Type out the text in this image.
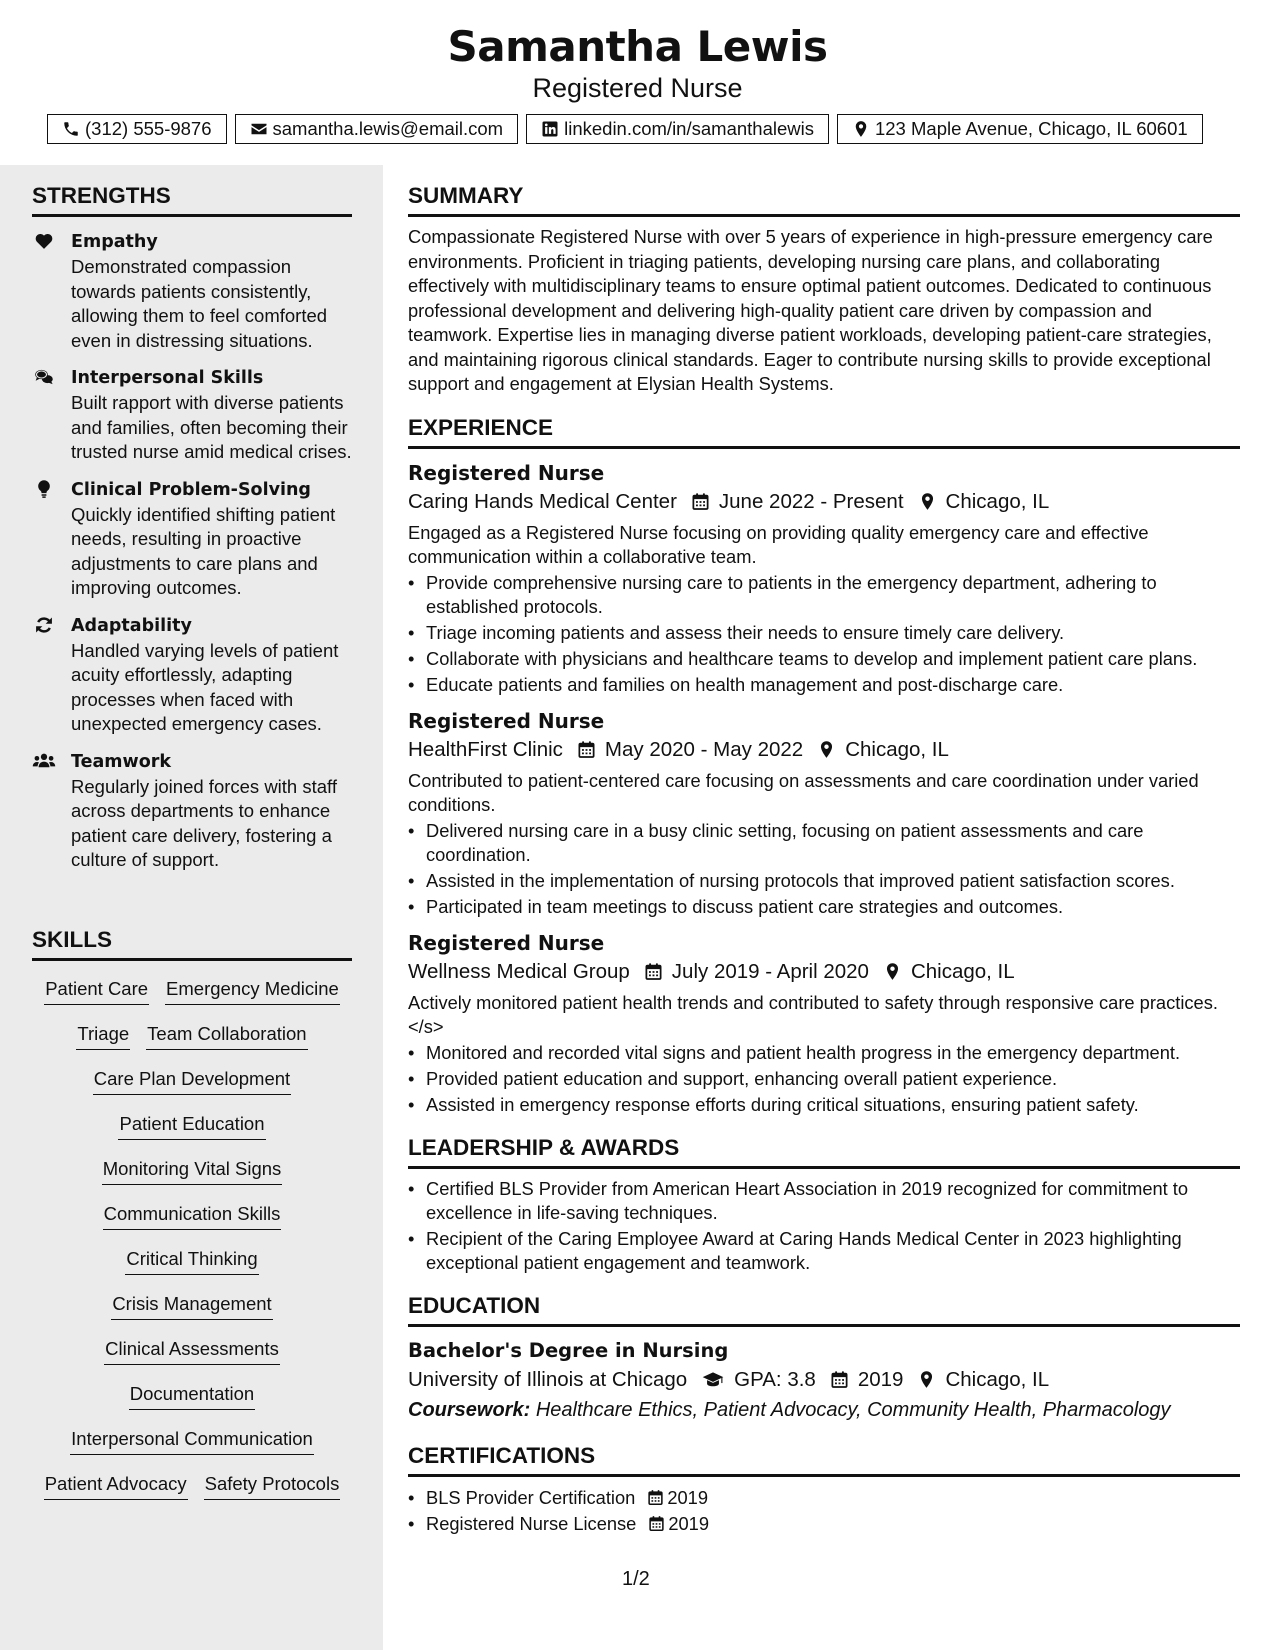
Samantha Lewis
Registered Nurse
(312) 555-9876	samantha.lewis@email.com	linkedin.com/in/samanthalewis	123 Maple Avenue, Chicago, IL 60601
STRENGTHS
Empathy
Demonstrated compassion towards patients consistently, allowing them to feel comforted even in distressing situations.
Interpersonal Skills
Built rapport with diverse patients and families, often becoming their trusted nurse amid medical crises.
Clinical Problem-Solving
Quickly identified shifting patient needs, resulting in proactive adjustments to care plans and improving outcomes.
Adaptability
Handled varying levels of patient acuity effortlessly, adapting processes when faced with unexpected emergency cases.
Teamwork
Regularly joined forces with staff across departments to enhance patient care delivery, fostering a culture of support.
SKILLS
Patient Care Emergency Medicine
Triage Team Collaboration
Care Plan Development
Patient Education
Monitoring Vital Signs
Communication Skills
Critical Thinking
Crisis Management
Clinical Assessments
Documentation
Interpersonal Communication
Patient Advocacy Safety Protocols
SUMMARY
Compassionate Registered Nurse with over 5 years of experience in high-pressure emergency care environments. Proficient in triaging patients, developing nursing care plans, and collaborating effectively with multidisciplinary teams to ensure optimal patient outcomes. Dedicated to continuous professional development and delivering high-quality patient care driven by compassion and teamwork. Expertise lies in managing diverse patient workloads, developing patient-care strategies, and maintaining rigorous clinical standards. Eager to contribute nursing skills to provide exceptional support and engagement at Elysian Health Systems.
EXPERIENCE
Registered Nurse
Caring Hands Medical Center June 2022 - Present Chicago, IL
Engaged as a Registered Nurse focusing on providing quality emergency care and effective communication within a collaborative team.
• Provide comprehensive nursing care to patients in the emergency department, adhering to established protocols.
• Triage incoming patients and assess their needs to ensure timely care delivery.
• Collaborate with physicians and healthcare teams to develop and implement patient care plans.
• Educate patients and families on health management and post-discharge care.
Registered Nurse
HealthFirst Clinic May 2020 - May 2022 Chicago, IL
Contributed to patient-centered care focusing on assessments and care coordination under varied conditions.
• Delivered nursing care in a busy clinic setting, focusing on patient assessments and care coordination.
• Assisted in the implementation of nursing protocols that improved patient satisfaction scores.
• Participated in team meetings to discuss patient care strategies and outcomes.
Registered Nurse
Wellness Medical Group July 2019 - April 2020 Chicago, IL
Actively monitored patient health trends and contributed to safety through responsive care practices.</s>
• Monitored and recorded vital signs and patient health progress in the emergency department.
• Provided patient education and support, enhancing overall patient experience.
• Assisted in emergency response efforts during critical situations, ensuring patient safety.
LEADERSHIP & AWARDS
• Certified BLS Provider from American Heart Association in 2019 recognized for commitment to excellence in life-saving techniques.
• Recipient of the Caring Employee Award at Caring Hands Medical Center in 2023 highlighting exceptional patient engagement and teamwork.
EDUCATION
Bachelor's Degree in Nursing
University of Illinois at Chicago GPA: 3.8 2019 Chicago, IL
Coursework: Healthcare Ethics, Patient Advocacy, Community Health, Pharmacology
CERTIFICATIONS
• BLS Provider Certification 2019
• Registered Nurse License 2019
1/2
